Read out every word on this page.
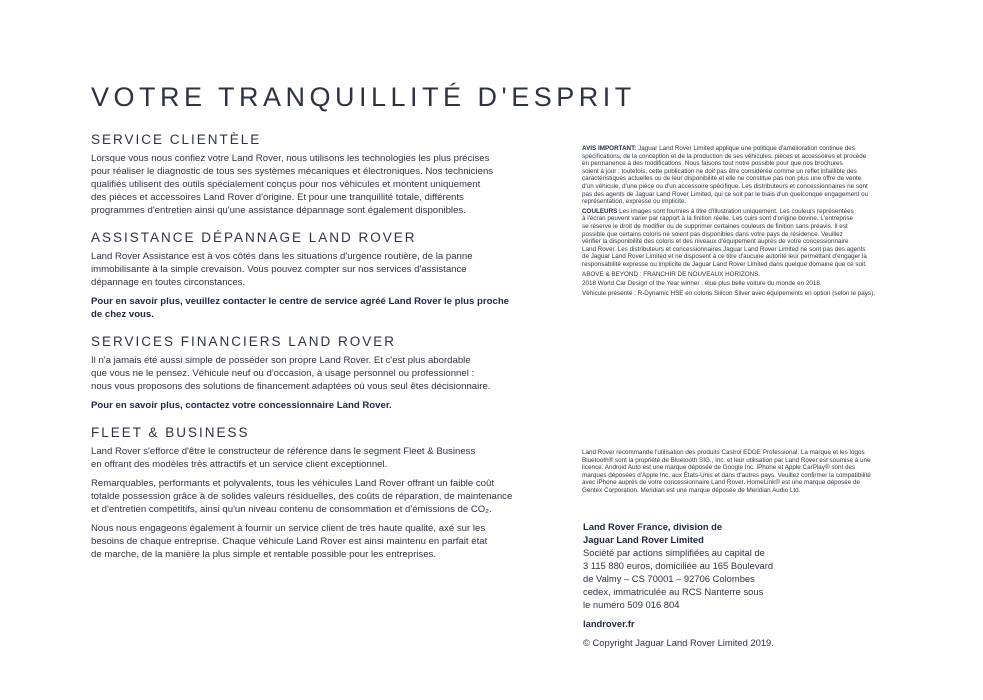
VOTRE TRANQUILLITÉ D'ESPRIT
SERVICE CLIENTÈLE

Lorsque vous nous confiez votre Land Rover, nous utilisons les technologies les plus précises
pour réaliser le diagnostic de tous ses systèmes mécaniques et électroniques. Nos techniciens
qualifiés utilisent des outils spécialement conçus pour nos véhicules et montent uniquement
des pièces et accessoires Land Rover d'origine. Et pour une tranquillité totale, différents
programmes d'entretien ainsi qu'une assistance dépannage sont également disponibles.

ASSISTANCE DÉPANNAGE LAND ROVER

Land Rover Assistance est à vos côtés dans les situations d'urgence routière, de la panne
immobilisante à la simple crevaison. Vous pouvez compter sur nos services d'assistance
dépannage en toutes circonstances.

Pour en savoir plus, veuillez contacter le centre de service agréé Land Rover le plus proche
de chez vous.

SERVICES FINANCIERS LAND ROVER

Il n'a jamais été aussi simple de posséder son propre Land Rover. Et c'est plus abordable
que vous ne le pensez. Véhicule neuf ou d'occasion, à usage personnel ou professionnel :
nous vous proposons des solutions de financement adaptées où vous seul êtes décisionnaire.

Pour en savoir plus, contactez votre concessionnaire Land Rover.

FLEET & BUSINESS

Land Rover s'efforce d'être le constructeur de référence dans le segment Fleet & Business
en offrant des modèles très attractifs et un service client exceptionnel.

Remarquables, performants et polyvalents, tous les véhicules Land Rover offrant un faible coût
totalde possession grâce à de solides valeurs résiduelles, des coûts de réparation, de maintenance
et d'entretien compétitifs, ainsi qu'un niveau contenu de consommation et d'émissions de CO₂.

Nous nous engageons également à fournir un service client de très haute qualité, axé sur les
besoins de chaque entreprise. Chaque véhicule Land Rover est ainsi maintenu en parfait état
de marche, de la manière la plus simple et rentable possible pour les entreprises.

AVIS IMPORTANT: Jaguar Land Rover Limited applique une politique d'amélioration continue des
spécifications, de la conception et de la production de ses véhicules, pièces et accessoires et procède
en permanence à des modifications. Nous faisons tout notre possible pour que nos brochures
soient à jour ; toutefois, cette publication ne doit pas être considérée comme un reflet infaillible des
caractéristiques actuelles ou de leur disponibilité et elle ne constitue pas non plus une offre de vente
d'un véhicule, d'une pièce ou d'un accessoire spécifique. Les distributeurs et concessionnaires ne sont
pas des agents de Jaguar Land Rover Limited, qui ce soit par le biais d'un quelconque engagement ou
représentation, expresse ou implicite.

COULEURS Les images sont fournies à titre d'illustration uniquement. Les couleurs représentées
à l'écran peuvent varier par rapport à la finition réelle. Les cuirs sont d'origine bovine. L'entreprise
se réserve le droit de modifier ou de supprimer certaines couleurs de finition sans préavis. Il est
possible que certains coloris ne soient pas disponibles dans votre pays de résidence. Veuillez
vérifier la disponibilité des coloris et des niveaux d'équipement auprès de votre concessionnaire
Land Rover. Les distributeurs et concessionnaires Jaguar Land Rover Limited ne sont pas des agents
de Jaguar Land Rover Limited et ne disposent à ce titre d'aucune autorité leur permettant d'engager la
responsabilité expresse ou implicite de Jaguar Land Rover Limited dans quelque domaine que ce soit.

ABOVE & BEYOND : FRANCHIR DE NOUVEAUX HORIZONS.

2018 World Car Design of the Year winner : élue plus belle voiture du monde en 2018.

Véhicule présenté : R-Dynamic HSE en coloris Silicon Silver avec équipements en option (selon le pays).

Land Rover recommande l'utilisation des produits Castrol EDGE Professional. La marque et les logos
Bluetooth® sont la propriété de Bluetooth SIG., Inc. et leur utilisation par Land Rover est soumise à une
licence. Android Auto est une marque déposée de Google Inc. iPhone et Apple CarPlay® sont des
marques déposées d'Apple Inc. aux États-Unis et dans d'autres pays. Veuillez confirmer la compatibilité
avec iPhone auprès de votre concessionnaire Land Rover. HomeLink® est une marque déposée de
Gentex Corporation. Meridian est une marque déposée de Meridian Audio Ltd.

Land Rover France, division de
Jaguar Land Rover Limited

Société par actions simplifiées au capital de
3 115 880 euros, domiciliée au 165 Boulevard
de Valmy – CS 70001 – 92706 Colombes
cedex, immatriculée au RCS Nanterre sous
le numéro 509 016 804

landrover.fr

© Copyright Jaguar Land Rover Limited 2019.
